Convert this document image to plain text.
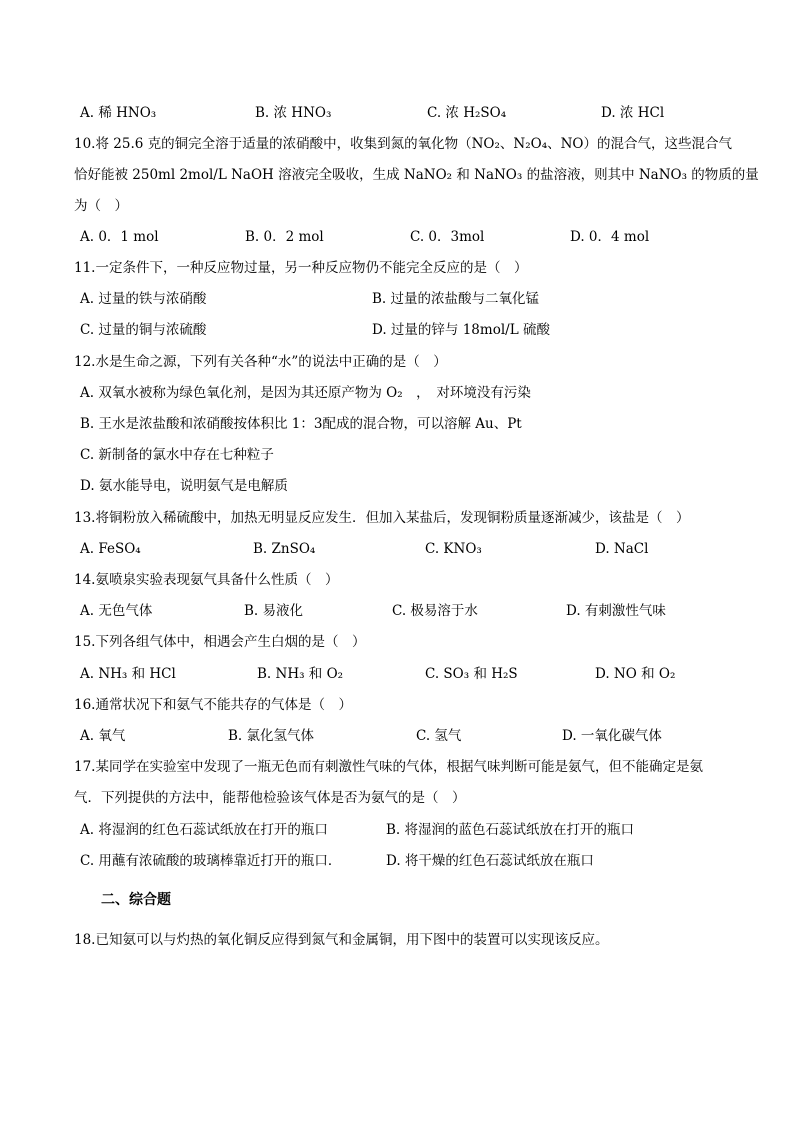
A. 稀 HNO₃	B. 浓 HNO₃	C. 浓 H₂SO₄	D. 浓 HCl
10.将 25.6 克的铜完全溶于适量的浓硝酸中，收集到氮的氧化物（NO₂、N₂O₄、NO）的混合气，这些混合气
恰好能被 250ml 2mol/L NaOH 溶液完全吸收，生成 NaNO₂ 和 NaNO₃ 的盐溶液，则其中 NaNO₃ 的物质的量
为（　）
A. 0．1 mol	B. 0．2 mol	C. 0．3mol	D. 0．4 mol
11.一定条件下，一种反应物过量，另一种反应物仍不能完全反应的是（　）
A. 过量的铁与浓硝酸	B. 过量的浓盐酸与二氧化锰
C. 过量的铜与浓硫酸	D. 过量的锌与 18mol/L 硫酸
12.水是生命之源，下列有关各种“水”的说法中正确的是（　）
A. 双氧水被称为绿色氧化剂，是因为其还原产物为 O₂　，　对环境没有污染
B. 王水是浓盐酸和浓硝酸按体积比 1：3配成的混合物，可以溶解 Au、Pt
C. 新制备的氯水中存在七种粒子
D. 氨水能导电，说明氨气是电解质
13.将铜粉放入稀硫酸中，加热无明显反应发生．但加入某盐后，发现铜粉质量逐渐减少，该盐是（　）
A. FeSO₄	B. ZnSO₄	C. KNO₃	D. NaCl
14.氨喷泉实验表现氨气具备什么性质（　）
A. 无色气体	B. 易液化	C. 极易溶于水	D. 有刺激性气味
15.下列各组气体中，相遇会产生白烟的是（　）
A. NH₃ 和 HCl	B. NH₃ 和 O₂	C. SO₃ 和 H₂S	D. NO 和 O₂
16.通常状况下和氨气不能共存的气体是（　）
A. 氧气	B. 氯化氢气体	C. 氢气	D. 一氧化碳气体
17.某同学在实验室中发现了一瓶无色而有刺激性气味的气体，根据气味判断可能是氨气，但不能确定是氨
气．下列提供的方法中，能帮他检验该气体是否为氨气的是（　）
A. 将湿润的红色石蕊试纸放在打开的瓶口	B. 将湿润的蓝色石蕊试纸放在打开的瓶口
C. 用蘸有浓硫酸的玻璃棒靠近打开的瓶口．	D. 将干燥的红色石蕊试纸放在瓶口
二、综合题
18.已知氨可以与灼热的氧化铜反应得到氮气和金属铜，用下图中的装置可以实现该反应。
